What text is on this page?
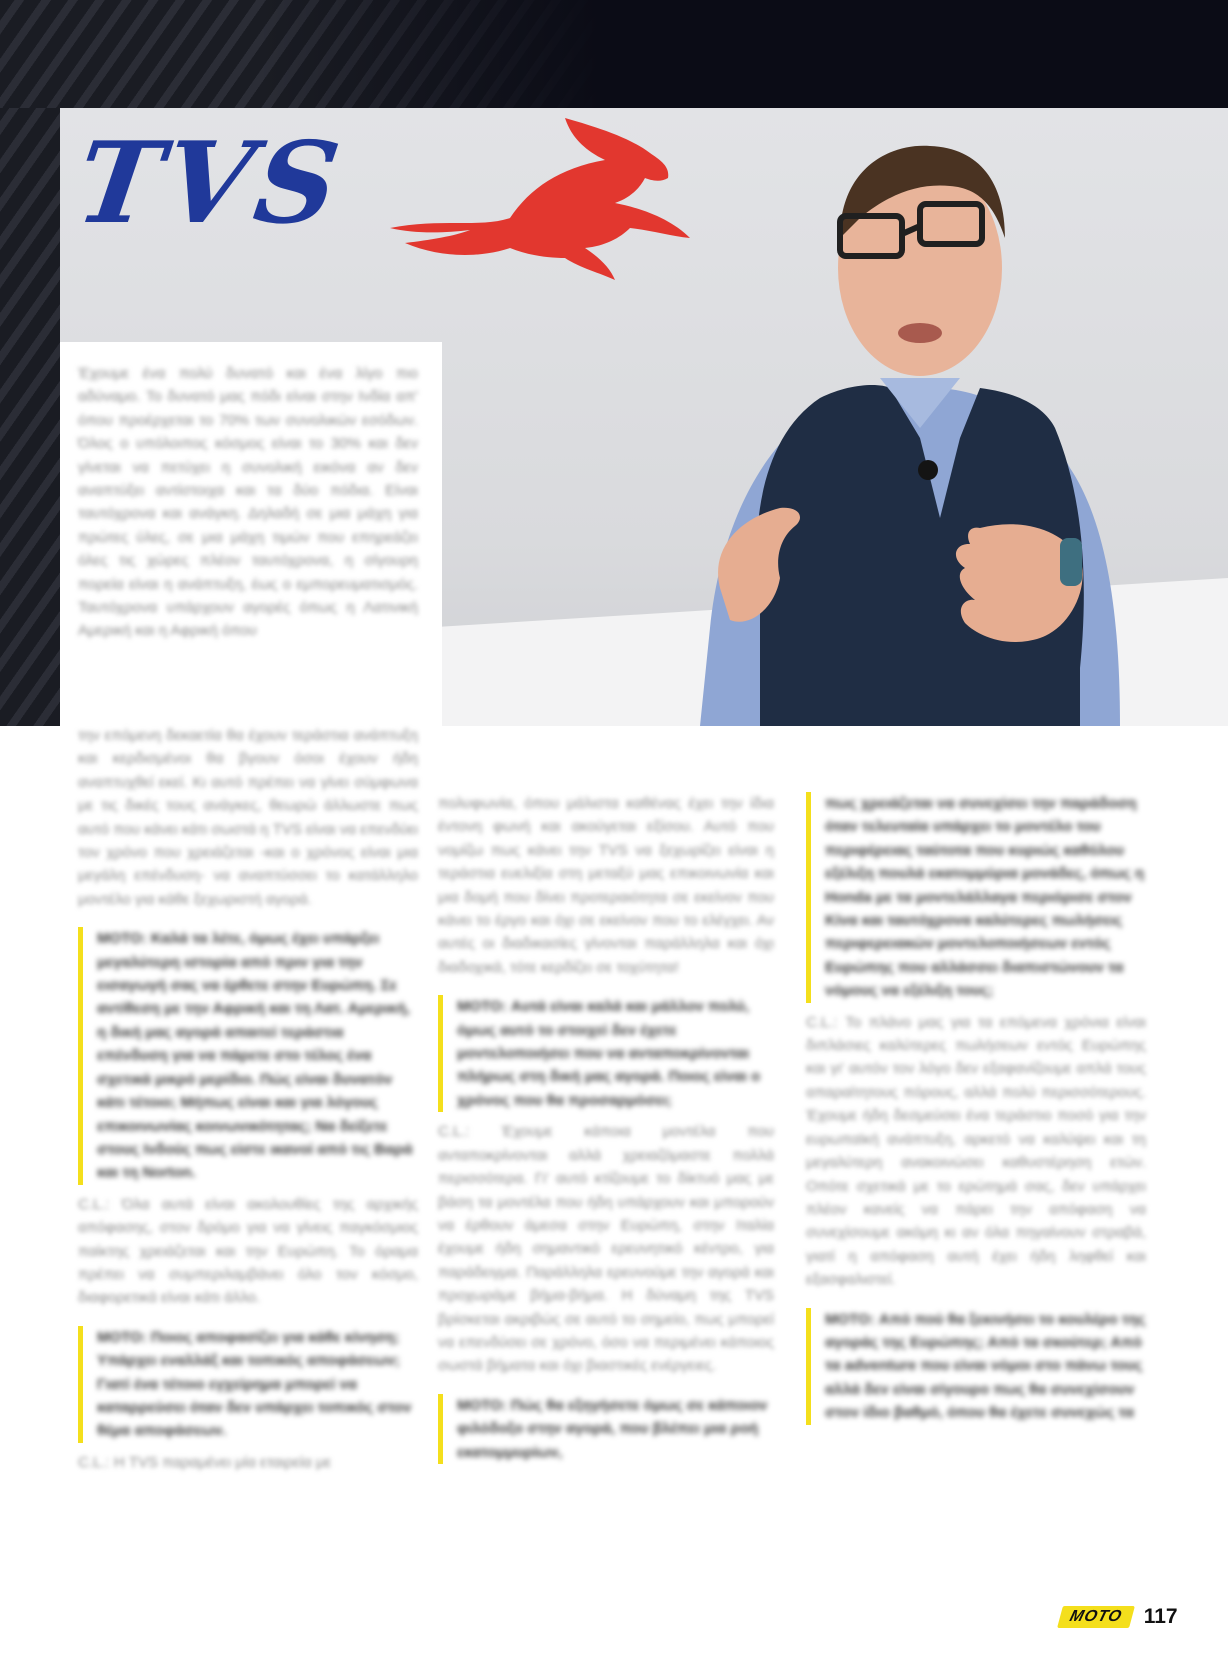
TVS

Έχουμε ένα πολύ δυνατό και ένα λίγο πιο αδύναμο. Το δυνατό μας πόδι είναι στην Ινδία απ' όπου προέρχεται το 70% των συνολικών εσόδων. Όλος ο υπόλοιπος κόσμος είναι το 30% και δεν γίνεται να πετύχει η συνολική εικόνα αν δεν αναπτύξει αντίστοιχα και τα δύο πόδια. Είναι ταυτόχρονα και ανάγκη. Δηλαδή σε μια μάχη για πρώτες ύλες, σε μια μάχη τιμών που επηρεάζει όλες τις χώρες πλέον ταυτόχρονα, η σίγουρη πορεία είναι η ανάπτυξη, έως ο εμπορευματισμός. Ταυτόχρονα υπάρχουν αγορές όπως η Λατινική Αμερική και η Αφρική όπου

την επόμενη δεκαετία θα έχουν τεράστια ανάπτυξη και κερδισμένοι θα βγουν όσοι έχουν ήδη αναπτυχθεί εκεί. Κι αυτό πρέπει να γίνει σύμφωνα με τις δικές τους ανάγκες, θεωρώ άλλωστε πως αυτό που κάνει κάτι σωστά η TVS είναι να επενδύει τον χρόνο που χρειάζεται -και ο χρόνος είναι μια μεγάλη επένδυση- να αναπτύσσει το κατάλληλο μοντέλο για κάθε ξεχωριστή αγορά.

MOTO: Καλά τα λέτε, όμως έχει υπάρξει μεγαλύτερη ιστορία από πριν για την εισαγωγή σας να έρθετε στην Ευρώπη. Σε αντίθεση με την Αφρική και τη Λατ. Αμερική, η δική μας αγορά απαιτεί τεράστια επένδυση για να πάρετε στο τέλος ένα σχετικά μικρό μερίδιο. Πώς είναι δυνατόν κάτι τέτοιο; Μήπως είναι και για λόγους επικοινωνίας κοινωνικότητας; Να δείξετε στους Ινδούς πως είστε ικανοί από τις Βαρά και τη Norton.

C.L.: Όλα αυτά είναι ακολουθίες της αρχικής απόφασης, στον δρόμο για να γίνεις παγκόσμιος παίκτης χρειάζεται και την Ευρώπη. Το όραμα πρέπει να συμπεριλαμβάνει όλο τον κόσμο, διαφορετικά είναι κάτι άλλο.

MOTO: Ποιος αποφασίζει για κάθε κίνηση; Υπάρχει εναλλάξ και τοπικός αποφάσεων; Γιατί ένα τέτοιο εγχείρημα μπορεί να καταρρεύσει όταν δεν υπάρχει τοπικός στον θέμα αποφάσεων.

C.L.: Η TVS παραμένει μία εταιρεία με

πολυφωνία, όπου μάλιστα καθένας έχει την ίδια έντονη φωνή και ακούγεται εξίσου. Αυτό που νομίζω πως κάνει την TVS να ξεχωρίζει είναι η τεράστια ευελιξία στη μεταξύ μας επικοινωνία και μια δομή που δίνει προτεραιότητα σε εκείνον που κάνει το έργο και όχι σε εκείνον που το ελέγχει. Αν αυτές οι διαδικασίες γίνονται παράλληλα και όχι διαδοχικά, τότε κερδίζει σε τοχύτητα!

MOTO: Αυτά είναι καλά και μάλλον πολύ, όμως αυτό το στοιχεί δεν έχετε μοντελοποιήσει που να ανταποκρίνονται πλήρως στη δική μας αγορά. Ποιος είναι ο χρόνος που θα προσαρμόσει;

C.L.: Έχουμε κάποια μοντέλα που ανταποκρίνονται αλλά χρειαζόμαστε πολλά περισσότερα. Γι' αυτό κτίζουμε το δίκτυό μας με βάση τα μοντέλα που ήδη υπάρχουν και μπορούν να έρθουν άμεσα στην Ευρώπη, στην Ιταλία έχουμε ήδη σημαντικό ερευνητικό κέντρο, για παράδειγμα. Παράλληλα ερευνούμε την αγορά και προχωράμε βήμα-βήμα. Η δύναμη της TVS βρίσκεται ακριβώς σε αυτό το σημείο, πως μπορεί να επενδύσει σε χρόνο, όσο να περιμένει κάποιος σωστά βήματα και όχι βιαστικές ενέργειες.

MOTO: Πώς θα εξηγήσετε όμως σε κάποιον φιλόδοξο στην αγορά, που βλέπει μια ροή εκατομμυρίων,

πως χρειάζεται να συνεχίσει την παράδοση όταν τελευταία υπάρχει το μοντέλο του περιφέρειας ταύτοτα που κυριώς καθόλου εξέλιξη πουλά εκατομμύρια μονάδες, όπως η Honda με τα μοντελάλλαγα περιόρισε στον Κίνα και ταυτόχρονα καλύτερες πωλήσεις περιφερειακών μοντελοποιήσεων εντός Ευρώπης που αλλάσσει διαπιστώνουν τα νόμους να εξέλιξη τους;

C.L.: Το πλάνο μας για τα επόμενα χρόνια είναι διπλάσιες καλύτερες πωλήσεων εντός Ευρώπης και γι' αυτόν τον λόγο δεν εξαφανίζουμε απλά τους απαραίτητους πόρους, αλλά πολύ περισσότερους. Έχουμε ήδη δεσμεύσει ένα τεράστιο ποσό για την ευρωπαϊκή ανάπτυξη, αρκετό να καλύψει και τη μεγαλύτερη ανακοινώσει καθυστέρηση ετών. Οπότε σχετικά με το ερώτημά σας, δεν υπάρχει πλέον κανείς να πάρει την απόφαση να συνεχίσουμε ακόμη κι αν όλα πηγαίνουν στραβά, γιατί η απόφαση αυτή έχει ήδη ληφθεί και εξασφαλιστεί.

MOTO: Από πού θα ξεκινήσει το κουλέρο της αγοράς της Ευρώπης; Από τα σκούτερ; Από τα adventure που είναι νόμοι στο πάνω τους αλλά δεν είναι σίγουρο πως θα συνεχίσουν στον ίδιο βαθμό, όπου θα έχετε συνεχώς τα

MOTO 117
